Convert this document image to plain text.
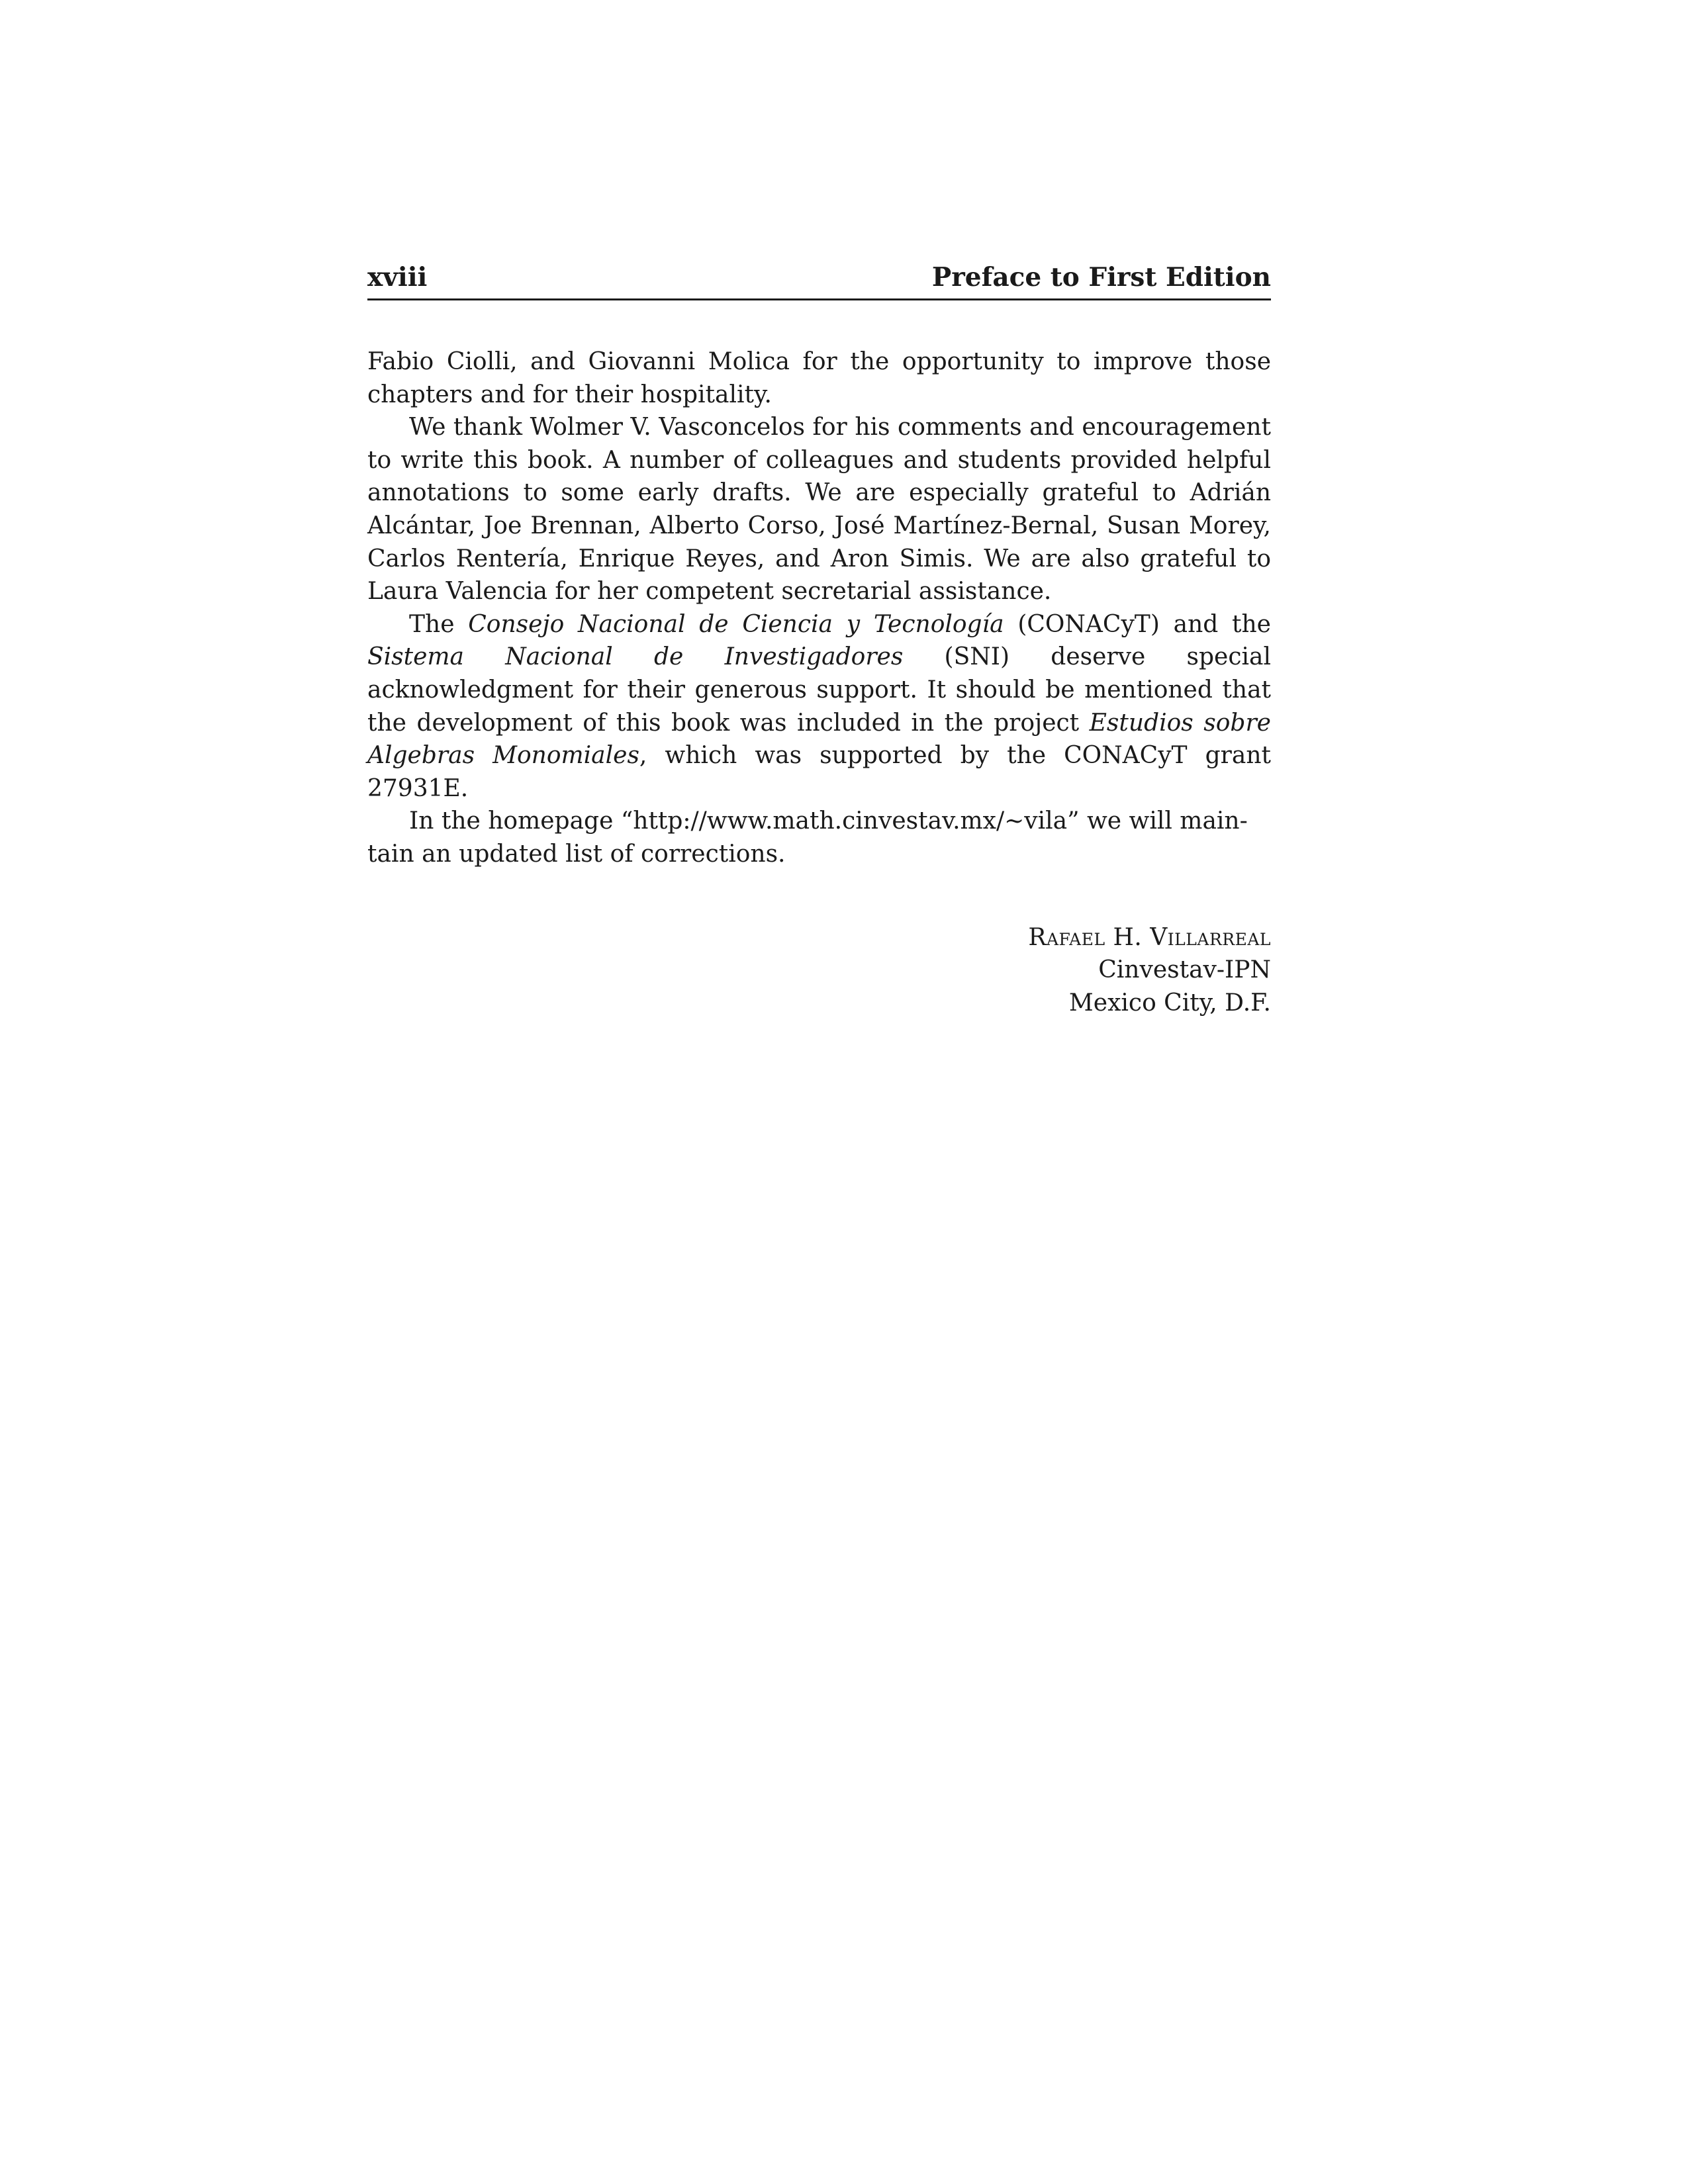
xviii	Preface to First Edition

Fabio Ciolli, and Giovanni Molica for the opportunity to improve those chapters and for their hospitality.

We thank Wolmer V. Vasconcelos for his comments and encouragement to write this book. A number of colleagues and students provided helpful annotations to some early drafts. We are especially grateful to Adrián Alcántar, Joe Brennan, Alberto Corso, José Martínez-Bernal, Susan Morey, Carlos Rentería, Enrique Reyes, and Aron Simis. We are also grateful to Laura Valencia for her competent secretarial assistance.

The Consejo Nacional de Ciencia y Tecnología (CONACyT) and the Sistema Nacional de Investigadores (SNI) deserve special acknowledgment for their generous support. It should be mentioned that the development of this book was included in the project Estudios sobre Algebras Monomiales, which was supported by the CONACyT grant 27931E.

In the homepage “http://www.math.cinvestav.mx/∼vila” we will main-
tain an updated list of corrections.

Rafael H. Villarreal
Cinvestav-IPN
Mexico City, D.F.
